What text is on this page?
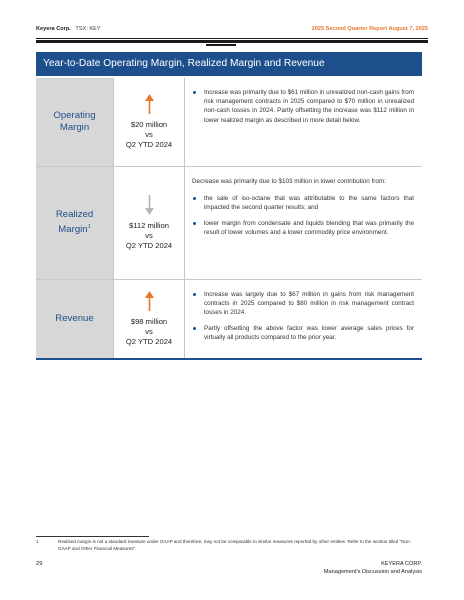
Keyera Corp. TSX: KEY	2025 Second Quarter Report August 7, 2025
Year-to-Date Operating Margin, Realized Margin and Revenue
Operating Margin	$20 million
vs
Q2 YTD 2024
Increase was primarily due to $61 million in unrealized non-cash gains from risk management contracts in 2025 compared to $70 million in unrealized non-cash losses in 2024. Partly offsetting the increase was $112 million in lower realized margin as described in more detail below.
Realized Margin$^1$	$112 million
vs
Q2 YTD 2024

Decrease was primarily due to $103 million in lower contribution from:

the sale of iso-octane that was attributable to the same factors that impacted the second quarter results; and
lower margin from condensate and liquids blending that was primarily the result of lower volumes and a lower commodity price environment.
Revenue	$98 million
vs
Q2 YTD 2024
Increase was largely due to $67 million in gains from risk management contracts in 2025 compared to $80 million in risk management contract losses in 2024.
Partly offsetting the above factor was lower average sales prices for virtually all products compared to the prior year.
1	Realized margin is not a standard measure under GAAP and therefore, may not be comparable to similar measures reported by other entities. Refer to the section titled “Non-GAAP and Other Financial Measures”.
29	KEYERA CORP.
Management’s Discussion and Analysis
